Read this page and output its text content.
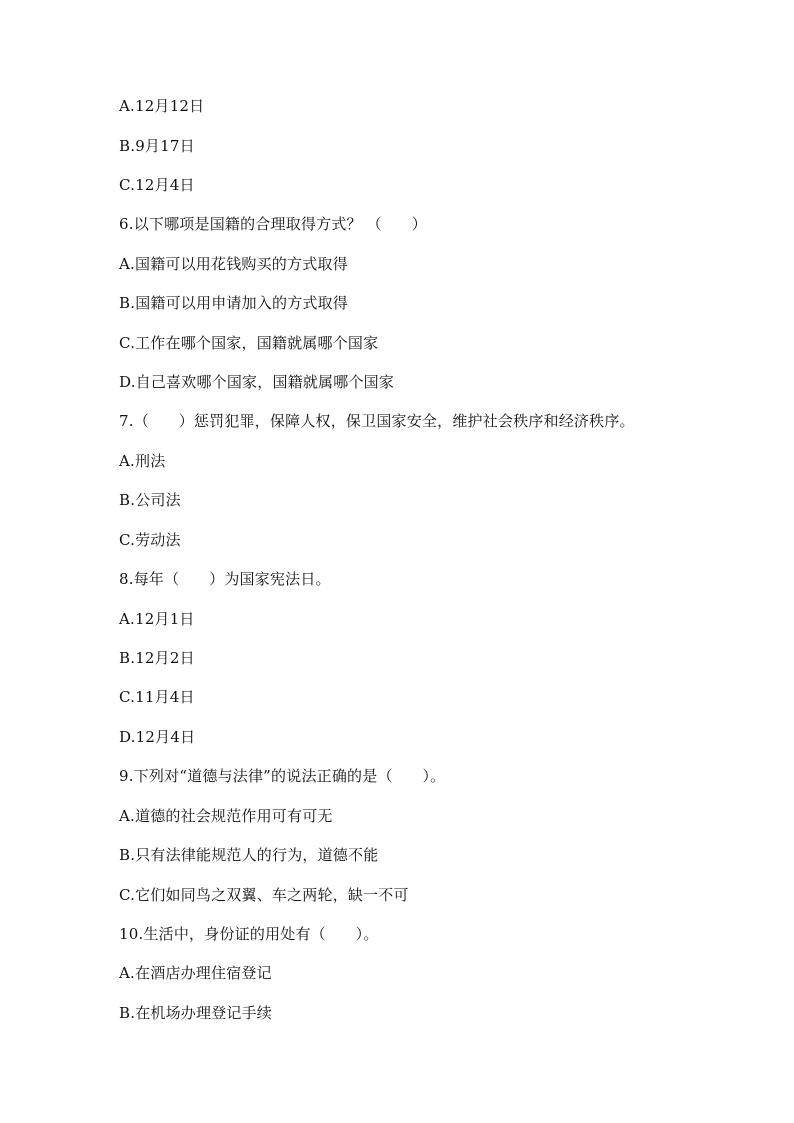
A.12月12日
B.9月17日
C.12月4日
6.以下哪项是国籍的合理取得方式？ （      ）
A.国籍可以用花钱购买的方式取得
B.国籍可以用申请加入的方式取得
C.工作在哪个国家，国籍就属哪个国家
D.自己喜欢哪个国家，国籍就属哪个国家
7.（      ）惩罚犯罪，保障人权，保卫国家安全，维护社会秩序和经济秩序。
A.刑法
B.公司法
C.劳动法
8.每年（      ）为国家宪法日。
A.12月1日
B.12月2日
C.11月4日
D.12月4日
9.下列对“道德与法律”的说法正确的是（      ）。
A.道德的社会规范作用可有可无
B.只有法律能规范人的行为，道德不能
C.它们如同鸟之双翼、车之两轮，缺一不可
10.生活中，身份证的用处有（      ）。
A.在酒店办理住宿登记
B.在机场办理登记手续
